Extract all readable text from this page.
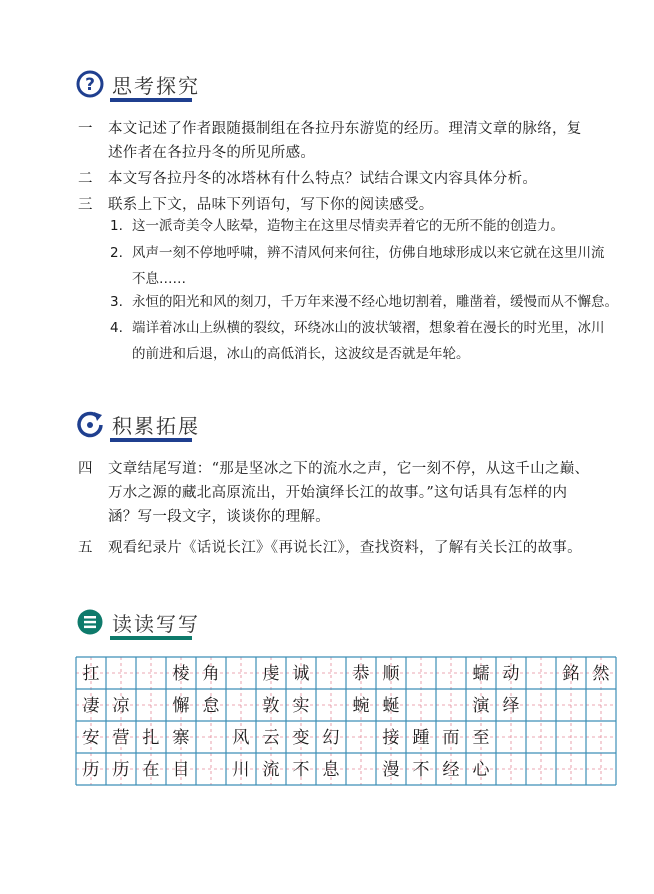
? 思考探究
积累拓展
读读写写
扛	棱 角	虔 诚	恭 顺	蠕 动	銘 然
凄 凉	懈 怠	敦 实	蜿 蜒	演 绎
安 营 扎 寨	风 云 变 幻	接 踵 而 至
历 历 在 目	川 流 不 息	漫 不 经 心
一 本文记述了作者跟随摄制组在各拉丹东游览的经历。理清文章的脉络，复
述作者在各拉丹冬的所见所感。
二 本文写各拉丹冬的冰塔林有什么特点？试结合课文内容具体分析。
三 联系上下文，品味下列语句，写下你的阅读感受。
1. 这一派奇美令人眩晕，造物主在这里尽情卖弄着它的无所不能的创造力。
2. 风声一刻不停地呼啸，辨不清风何来何往，仿佛自地球形成以来它就在这里川流
不息……
3. 永恒的阳光和风的刻刀，千万年来漫不经心地切割着，雕凿着，缓慢而从不懈怠。
4. 端详着冰山上纵横的裂纹，环绕冰山的波状皱褶，想象着在漫长的时光里，冰川
的前进和后退，冰山的高低消长，这波纹是否就是年轮。
四 文章结尾写道：“那是坚冰之下的流水之声，它一刻不停，从这千山之巅、
万水之源的藏北高原流出，开始演绎长江的故事。”这句话具有怎样的内
涵？写一段文字，谈谈你的理解。
五 观看纪录片《话说长江》《再说长江》，查找资料，了解有关长江的故事。
